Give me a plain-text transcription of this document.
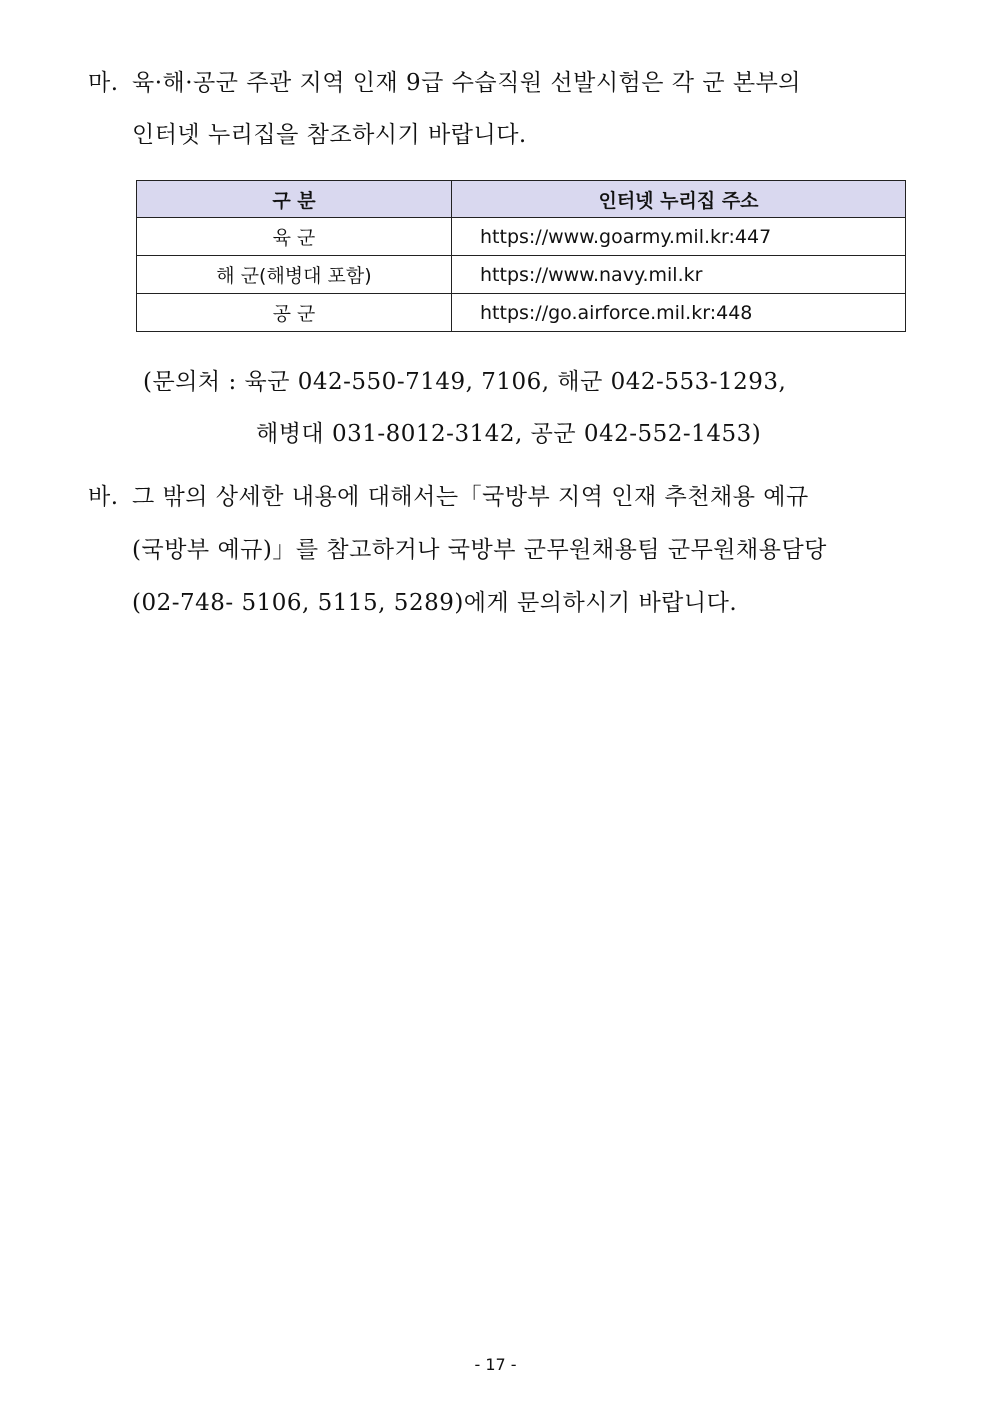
마. 육·해·공군 주관 지역 인재 9급 수습직원 선발시험은 각 군 본부의
인터넷 누리집을 참조하시기 바랍니다.
구 분	인터넷 누리집 주소
육 군	https://www.goarmy.mil.kr:447
해 군(해병대 포함)	https://www.navy.mil.kr
공 군	https://go.airforce.mil.kr:448
(문의처 : 육군 042-550-7149, 7106, 해군 042-553-1293,
해병대 031-8012-3142, 공군 042-552-1453)
바. 그 밖의 상세한 내용에 대해서는「국방부 지역 인재 추천채용 예규
(국방부 예규)」를 참고하거나 국방부 군무원채용팀 군무원채용담당
(02-748- 5106, 5115, 5289)에게 문의하시기 바랍니다.
- 17 -
